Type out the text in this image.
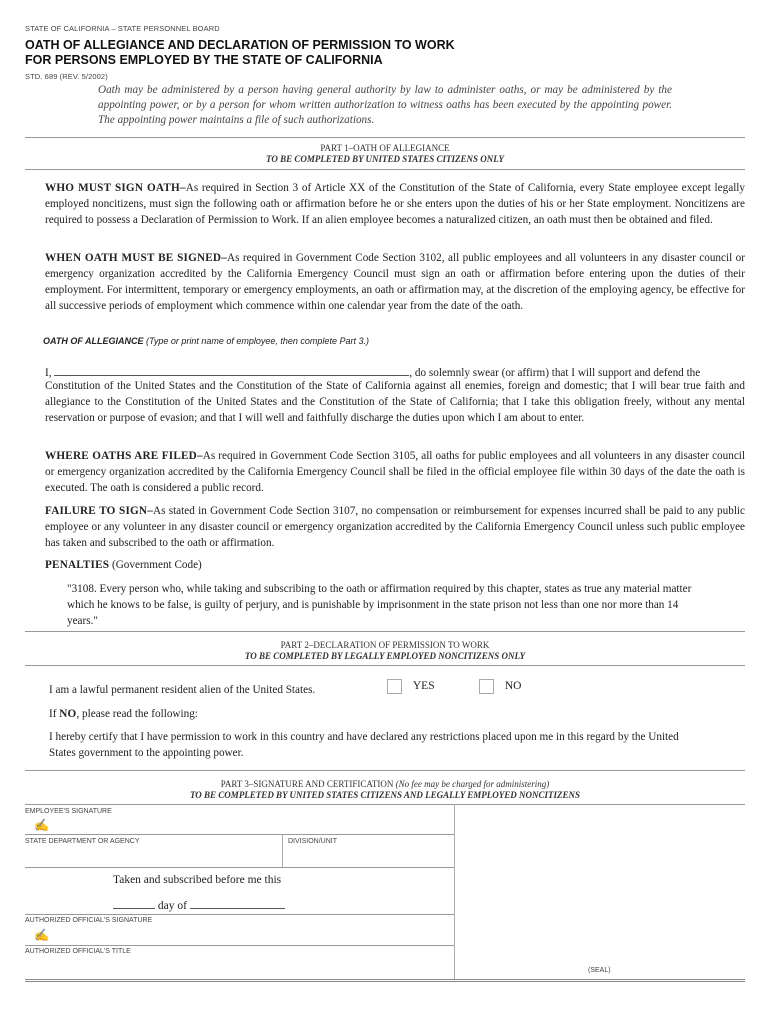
STATE OF CALIFORNIA – STATE PERSONNEL BOARD
OATH OF ALLEGIANCE AND DECLARATION OF PERMISSION TO WORK
FOR PERSONS EMPLOYED BY THE STATE OF CALIFORNIA
STD. 689 (REV. 5/2002)
Oath may be administered by a person having general authority by law to administer oaths, or may be administered by the appointing power, or by a person for whom written authorization to witness oaths has been executed by the appointing power. The appointing power maintains a file of such authorizations.
PART 1–OATH OF ALLEGIANCE
TO BE COMPLETED BY UNITED STATES CITIZENS ONLY
WHO MUST SIGN OATH–As required in Section 3 of Article XX of the Constitution of the State of California, every State employee except legally employed noncitizens, must sign the following oath or affirmation before he or she enters upon the duties of his or her State employment. Noncitizens are required to possess a Declaration of Permission to Work. If an alien employee becomes a naturalized citizen, an oath must then be obtained and filed.
WHEN OATH MUST BE SIGNED–As required in Government Code Section 3102, all public employees and all volunteers in any disaster council or emergency organization accredited by the California Emergency Council must sign an oath or affirmation before entering upon the duties of their employment. For intermittent, temporary or emergency employments, an oath or affirmation may, at the discretion of the employing agency, be effective for all successive periods of employment which commence within one calendar year from the date of the oath.
OATH OF ALLEGIANCE (Type or print name of employee, then complete Part 3.)
I,	, do solemnly swear (or affirm) that I will support and defend the
Constitution of the United States and the Constitution of the State of California against all enemies, foreign and domestic; that I will bear true faith and allegiance to the Constitution of the United States and the Constitution of the State of California; that I take this obligation freely, without any mental reservation or purpose of evasion; and that I will well and faithfully discharge the duties upon which I am about to enter.
WHERE OATHS ARE FILED–As required in Government Code Section 3105, all oaths for public employees and all volunteers in any disaster council or emergency organization accredited by the California Emergency Council shall be filed in the official employee file within 30 days of the date the oath is executed. The oath is considered a public record.
FAILURE TO SIGN–As stated in Government Code Section 3107, no compensation or reimbursement for expenses incurred shall be paid to any public employee or any volunteer in any disaster council or emergency organization accredited by the California Emergency Council unless such public employee has taken and subscribed to the oath or affirmation.
PENALTIES (Government Code)
"3108. Every person who, while taking and subscribing to the oath or affirmation required by this chapter, states as true any material matter which he knows to be false, is guilty of perjury, and is punishable by imprisonment in the state prison not less than one nor more than 14 years."
PART 2–DECLARATION OF PERMISSION TO WORK
TO BE COMPLETED BY LEGALLY EMPLOYED NONCITIZENS ONLY
I am a lawful permanent resident alien of the United States.	YES	NO
If NO, please read the following:
I hereby certify that I have permission to work in this country and have declared any restrictions placed upon me in this regard by the United States government to the appointing power.
PART 3–SIGNATURE AND CERTIFICATION (No fee may be charged for administering)
TO BE COMPLETED BY UNITED STATES CITIZENS AND LEGALLY EMPLOYED NONCITIZENS
EMPLOYEE'S SIGNATURE
✍
STATE DEPARTMENT OR AGENCY	DIVISION/UNIT
Taken and subscribed before me this
day of
AUTHORIZED OFFICIAL'S SIGNATURE
✍
AUTHORIZED OFFICIAL'S TITLE
(SEAL)
